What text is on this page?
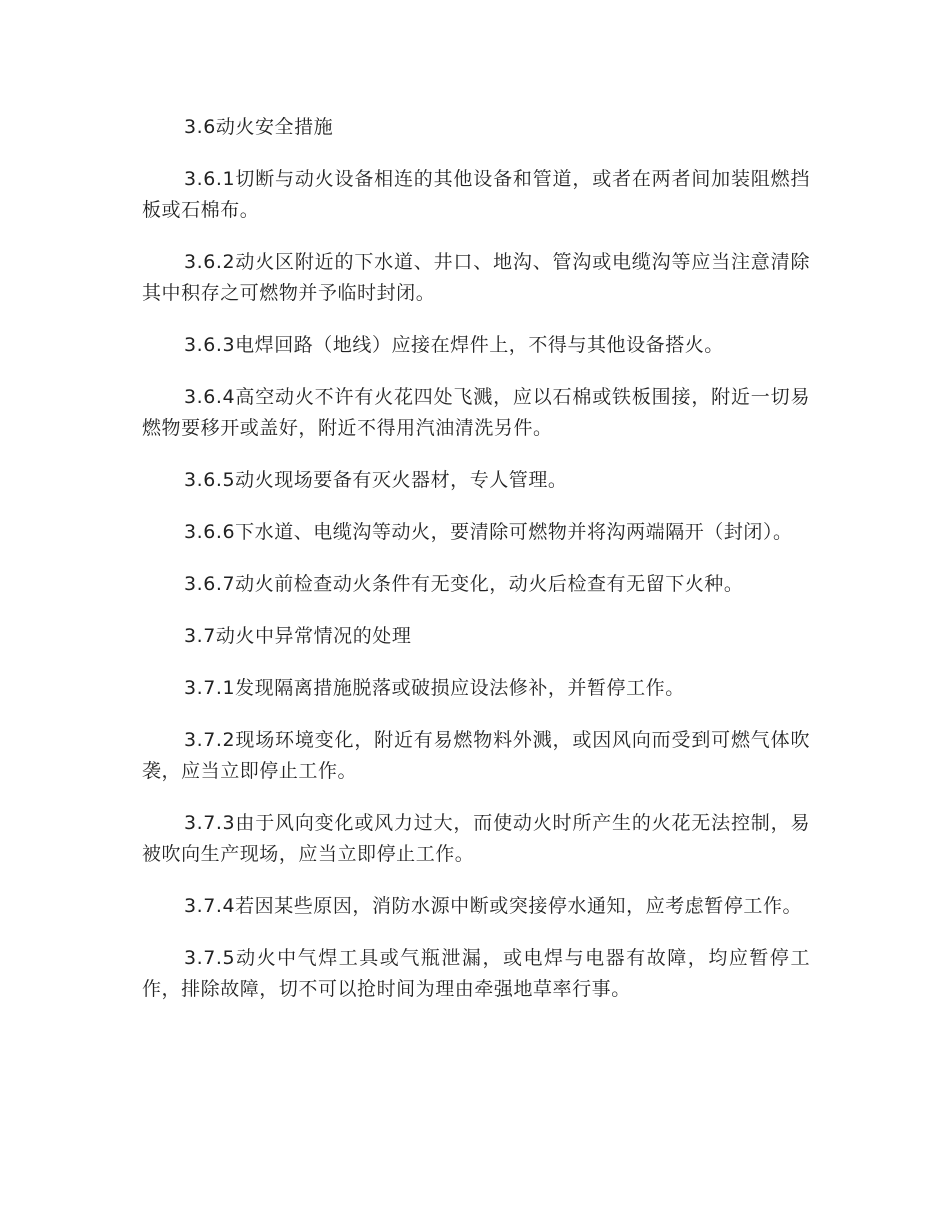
3.6动火安全措施

3.6.1切断与动火设备相连的其他设备和管道，或者在两者间加装阻燃挡板或石棉布。

3.6.2动火区附近的下水道、井口、地沟、管沟或电缆沟等应当注意清除其中积存之可燃物并予临时封闭。

3.6.3电焊回路（地线）应接在焊件上，不得与其他设备搭火。

3.6.4高空动火不许有火花四处飞溅，应以石棉或铁板围接，附近一切易燃物要移开或盖好，附近不得用汽油清洗另件。

3.6.5动火现场要备有灭火器材，专人管理。

3.6.6下水道、电缆沟等动火，要清除可燃物并将沟两端隔开（封闭）。

3.6.7动火前检查动火条件有无变化，动火后检查有无留下火种。

3.7动火中异常情况的处理

3.7.1发现隔离措施脱落或破损应设法修补，并暂停工作。

3.7.2现场环境变化，附近有易燃物料外溅，或因风向而受到可燃气体吹袭，应当立即停止工作。

3.7.3由于风向变化或风力过大，而使动火时所产生的火花无法控制，易被吹向生产现场，应当立即停止工作。

3.7.4若因某些原因，消防水源中断或突接停水通知，应考虑暂停工作。

3.7.5动火中气焊工具或气瓶泄漏，或电焊与电器有故障，均应暂停工作，排除故障，切不可以抢时间为理由牵强地草率行事。
